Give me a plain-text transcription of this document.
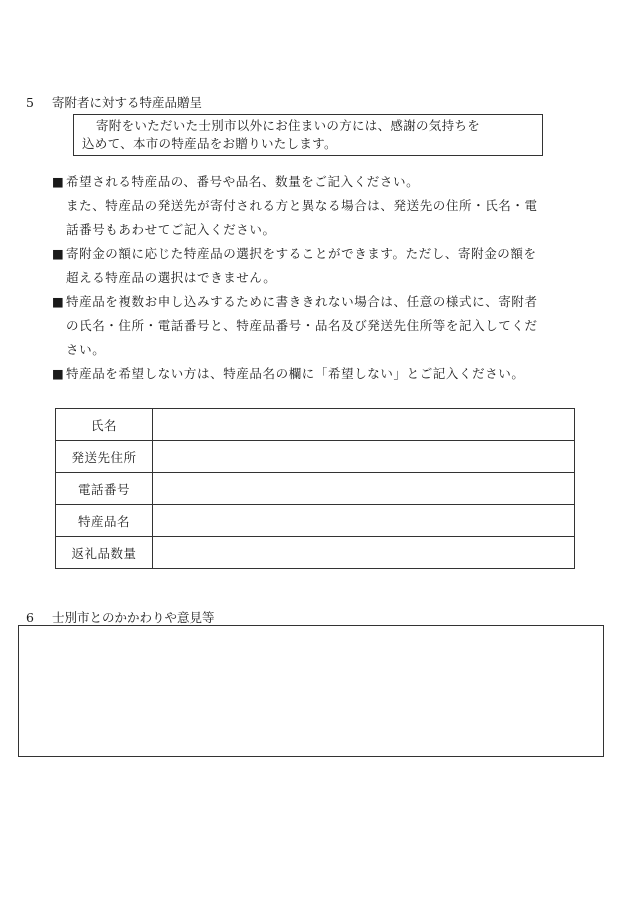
5 寄附者に対する特産品贈呈
寄附をいただいた士別市以外にお住まいの方には、感謝の気持ちを
込めて、本市の特産品をお贈りいたします。
■ 希望される特産品の、番号や品名、数量をご記入ください。
また、特産品の発送先が寄付される方と異なる場合は、発送先の住所・氏名・電
話番号もあわせてご記入ください。
■ 寄附金の額に応じた特産品の選択をすることができます。ただし、寄附金の額を
超える特産品の選択はできません。
■ 特産品を複数お申し込みするために書ききれない場合は、任意の様式に、寄附者
の氏名・住所・電話番号と、特産品番号・品名及び発送先住所等を記入してくだ
さい。
■ 特産品を希望しない方は、特産品名の欄に「希望しない」とご記入ください。
氏名	
発送先住所	
電話番号	
特産品名	
返礼品数量	
6 士別市とのかかわりや意見等
